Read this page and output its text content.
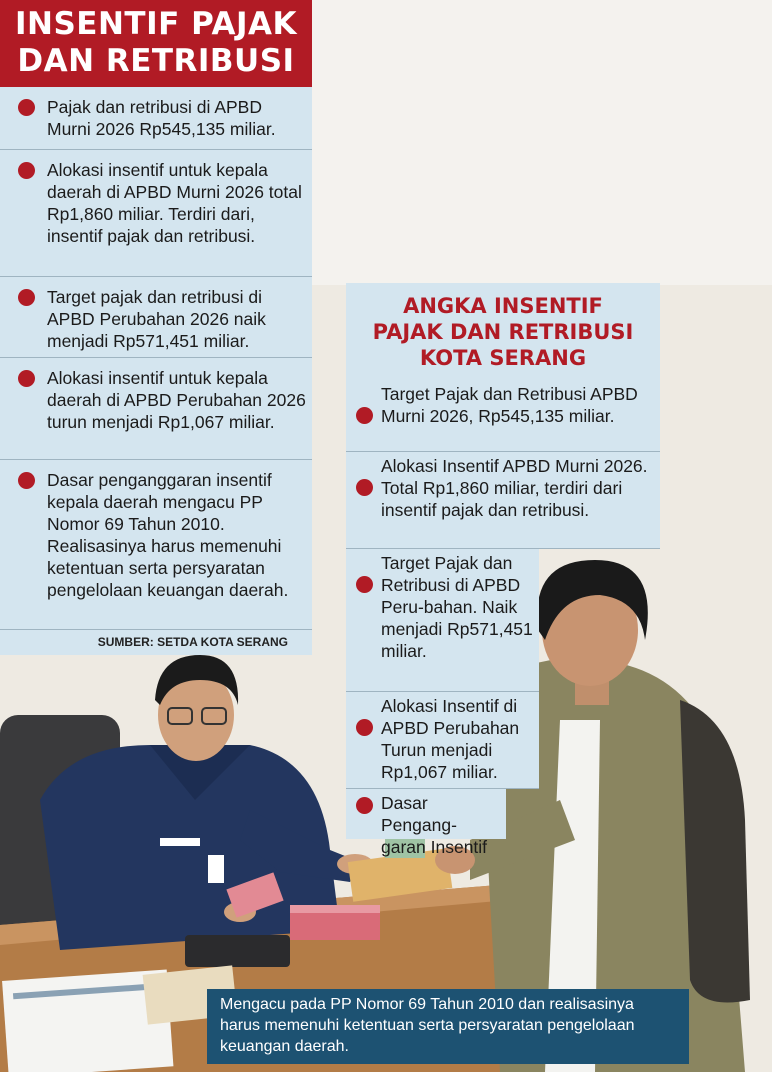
INSENTIF PAJAK
DAN RETRIBUSI
Pajak dan retribusi di APBD Murni 2026 Rp545,135 miliar.
Alokasi insentif untuk kepala daerah di APBD Murni 2026 total Rp1,860 miliar. Terdiri dari, insentif pajak dan retribusi.
Target pajak dan retribusi di APBD Perubahan 2026 naik menjadi Rp571,451 miliar.
Alokasi insentif untuk kepala daerah di APBD Perubahan 2026 turun menjadi Rp1,067 miliar.
Dasar penganggaran insentif kepala daerah mengacu PP Nomor 69 Tahun 2010. Realisasinya harus memenuhi ketentuan serta persyaratan pengelolaan keuangan daerah.
SUMBER: SETDA KOTA SERANG
ANGKA INSENTIF
PAJAK DAN RETRIBUSI
KOTA SERANG
Target Pajak dan Retribusi APBD Murni 2026, Rp545,135 miliar.
Alokasi Insentif APBD Murni 2026. Total Rp1,860 miliar, terdiri dari insentif pajak dan retribusi.
Target Pajak dan Retribusi di APBD Peru-bahan. Naik menjadi Rp571,451 miliar.
Alokasi Insentif di APBD Perubahan Turun menjadi Rp1,067 miliar.
Dasar Pengang-garan Insentif
Mengacu pada PP Nomor 69 Tahun 2010 dan realisasinya harus memenuhi ketentuan serta persyaratan pengelolaan keuangan daerah.
